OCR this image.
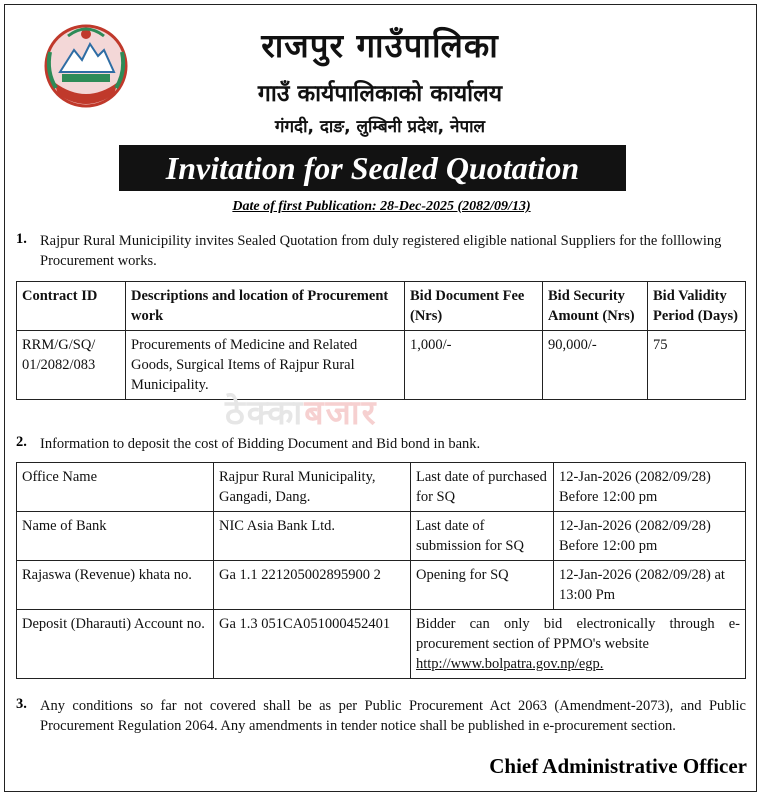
राजपुर गाउँपालिका
गाउँ कार्यपालिकाको कार्यालय
गंगदी, दाङ, लुम्बिनी प्रदेश, नेपाल
Invitation for Sealed Quotation
Date of first Publication: 28-Dec-2025 (2082/09/13)
1. Rajpur Rural Municipility invites Sealed Quotation from duly registered eligible national Suppliers for the folllowing Procurement works.
Contract ID	Descriptions and location of Procurement work	Bid Document Fee (Nrs)	Bid Security Amount (Nrs)	Bid Validity Period (Days)
RRM/G/SQ/ 01/2082/083	Procurements of Medicine and Related Goods, Surgical Items of Rajpur Rural Municipality.	1,000/-	90,000/-	75
ठेक्काबजार
2. Information to deposit the cost of Bidding Document and Bid bond in bank.
Office Name	Rajpur Rural Municipality, Gangadi, Dang.	Last date of purchased for SQ	12-Jan-2026 (2082/09/28) Before 12:00 pm
Name of Bank	NIC Asia Bank Ltd.	Last date of submission for SQ	12-Jan-2026 (2082/09/28) Before 12:00 pm
Rajaswa (Revenue) khata no.	Ga 1.1 221205002895900 2	Opening for SQ	12-Jan-2026 (2082/09/28) at 13:00 Pm
Deposit (Dharauti) Account no.	Ga 1.3 051CA051000452401	Bidder can only bid electronically through e-procurement section of PPMO's website
http://www.bolpatra.gov.np/egp.	
3. Any conditions so far not covered shall be as per Public Procurement Act 2063 (Amendment-2073), and Public Procurement Regulation 2064. Any amendments in tender notice shall be published in e-procurement section.
Chief Administrative Officer
